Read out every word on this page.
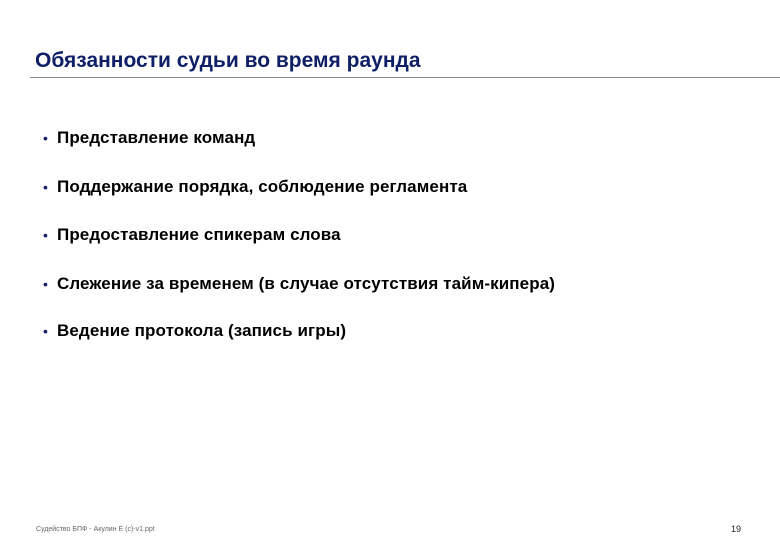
Обязанности судьи во время раунда
• Представление команд
• Поддержание порядка, соблюдение регламента
• Предоставление спикерам слова
• Слежение за временем (в случае отсутствия тайм-кипера)
• Ведение протокола (запись игры)
Судейство БПФ - Акулин Е (с)-v1.ppt	19
